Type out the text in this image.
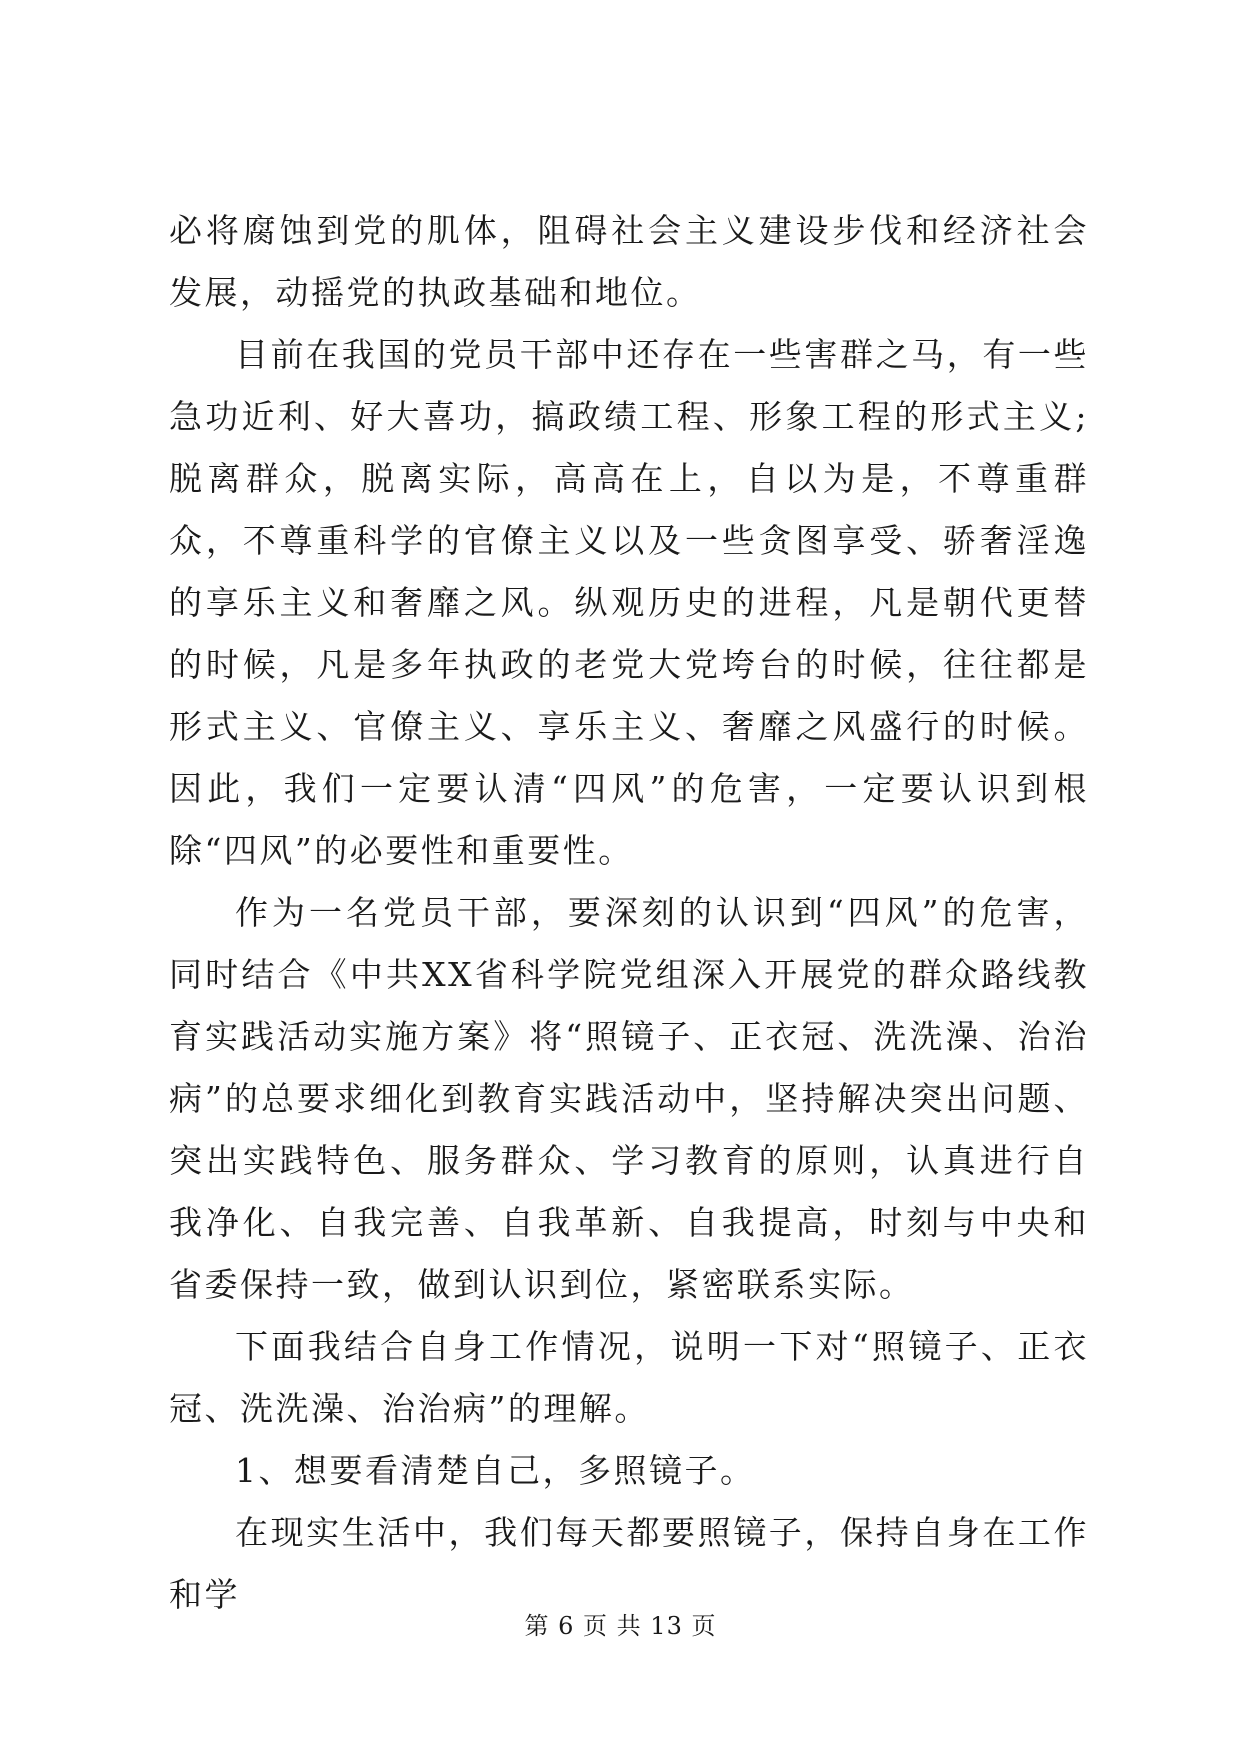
必将腐蚀到党的肌体，阻碍社会主义建设步伐和经济社会发展，动摇党的执政基础和地位。

目前在我国的党员干部中还存在一些害群之马，有一些急功近利、好大喜功，搞政绩工程、形象工程的形式主义;脱离群众，脱离实际，高高在上，自以为是，不尊重群众，不尊重科学的官僚主义以及一些贪图享受、骄奢淫逸的享乐主义和奢靡之风。纵观历史的进程，凡是朝代更替的时候，凡是多年执政的老党大党垮台的时候，往往都是形式主义、官僚主义、享乐主义、奢靡之风盛行的时候。因此，我们一定要认清“四风”的危害，一定要认识到根除“四风”的必要性和重要性。

作为一名党员干部，要深刻的认识到“四风”的危害，同时结合《中共XX省科学院党组深入开展党的群众路线教育实践活动实施方案》将“照镜子、正衣冠、洗洗澡、治治病”的总要求细化到教育实践活动中，坚持解决突出问题、突出实践特色、服务群众、学习教育的原则，认真进行自我净化、自我完善、自我革新、自我提高，时刻与中央和省委保持一致，做到认识到位，紧密联系实际。

下面我结合自身工作情况，说明一下对“照镜子、正衣冠、洗洗澡、治治病”的理解。

1、想要看清楚自己，多照镜子。

在现实生活中，我们每天都要照镜子，保持自身在工作和学

第 6 页 共 13 页
